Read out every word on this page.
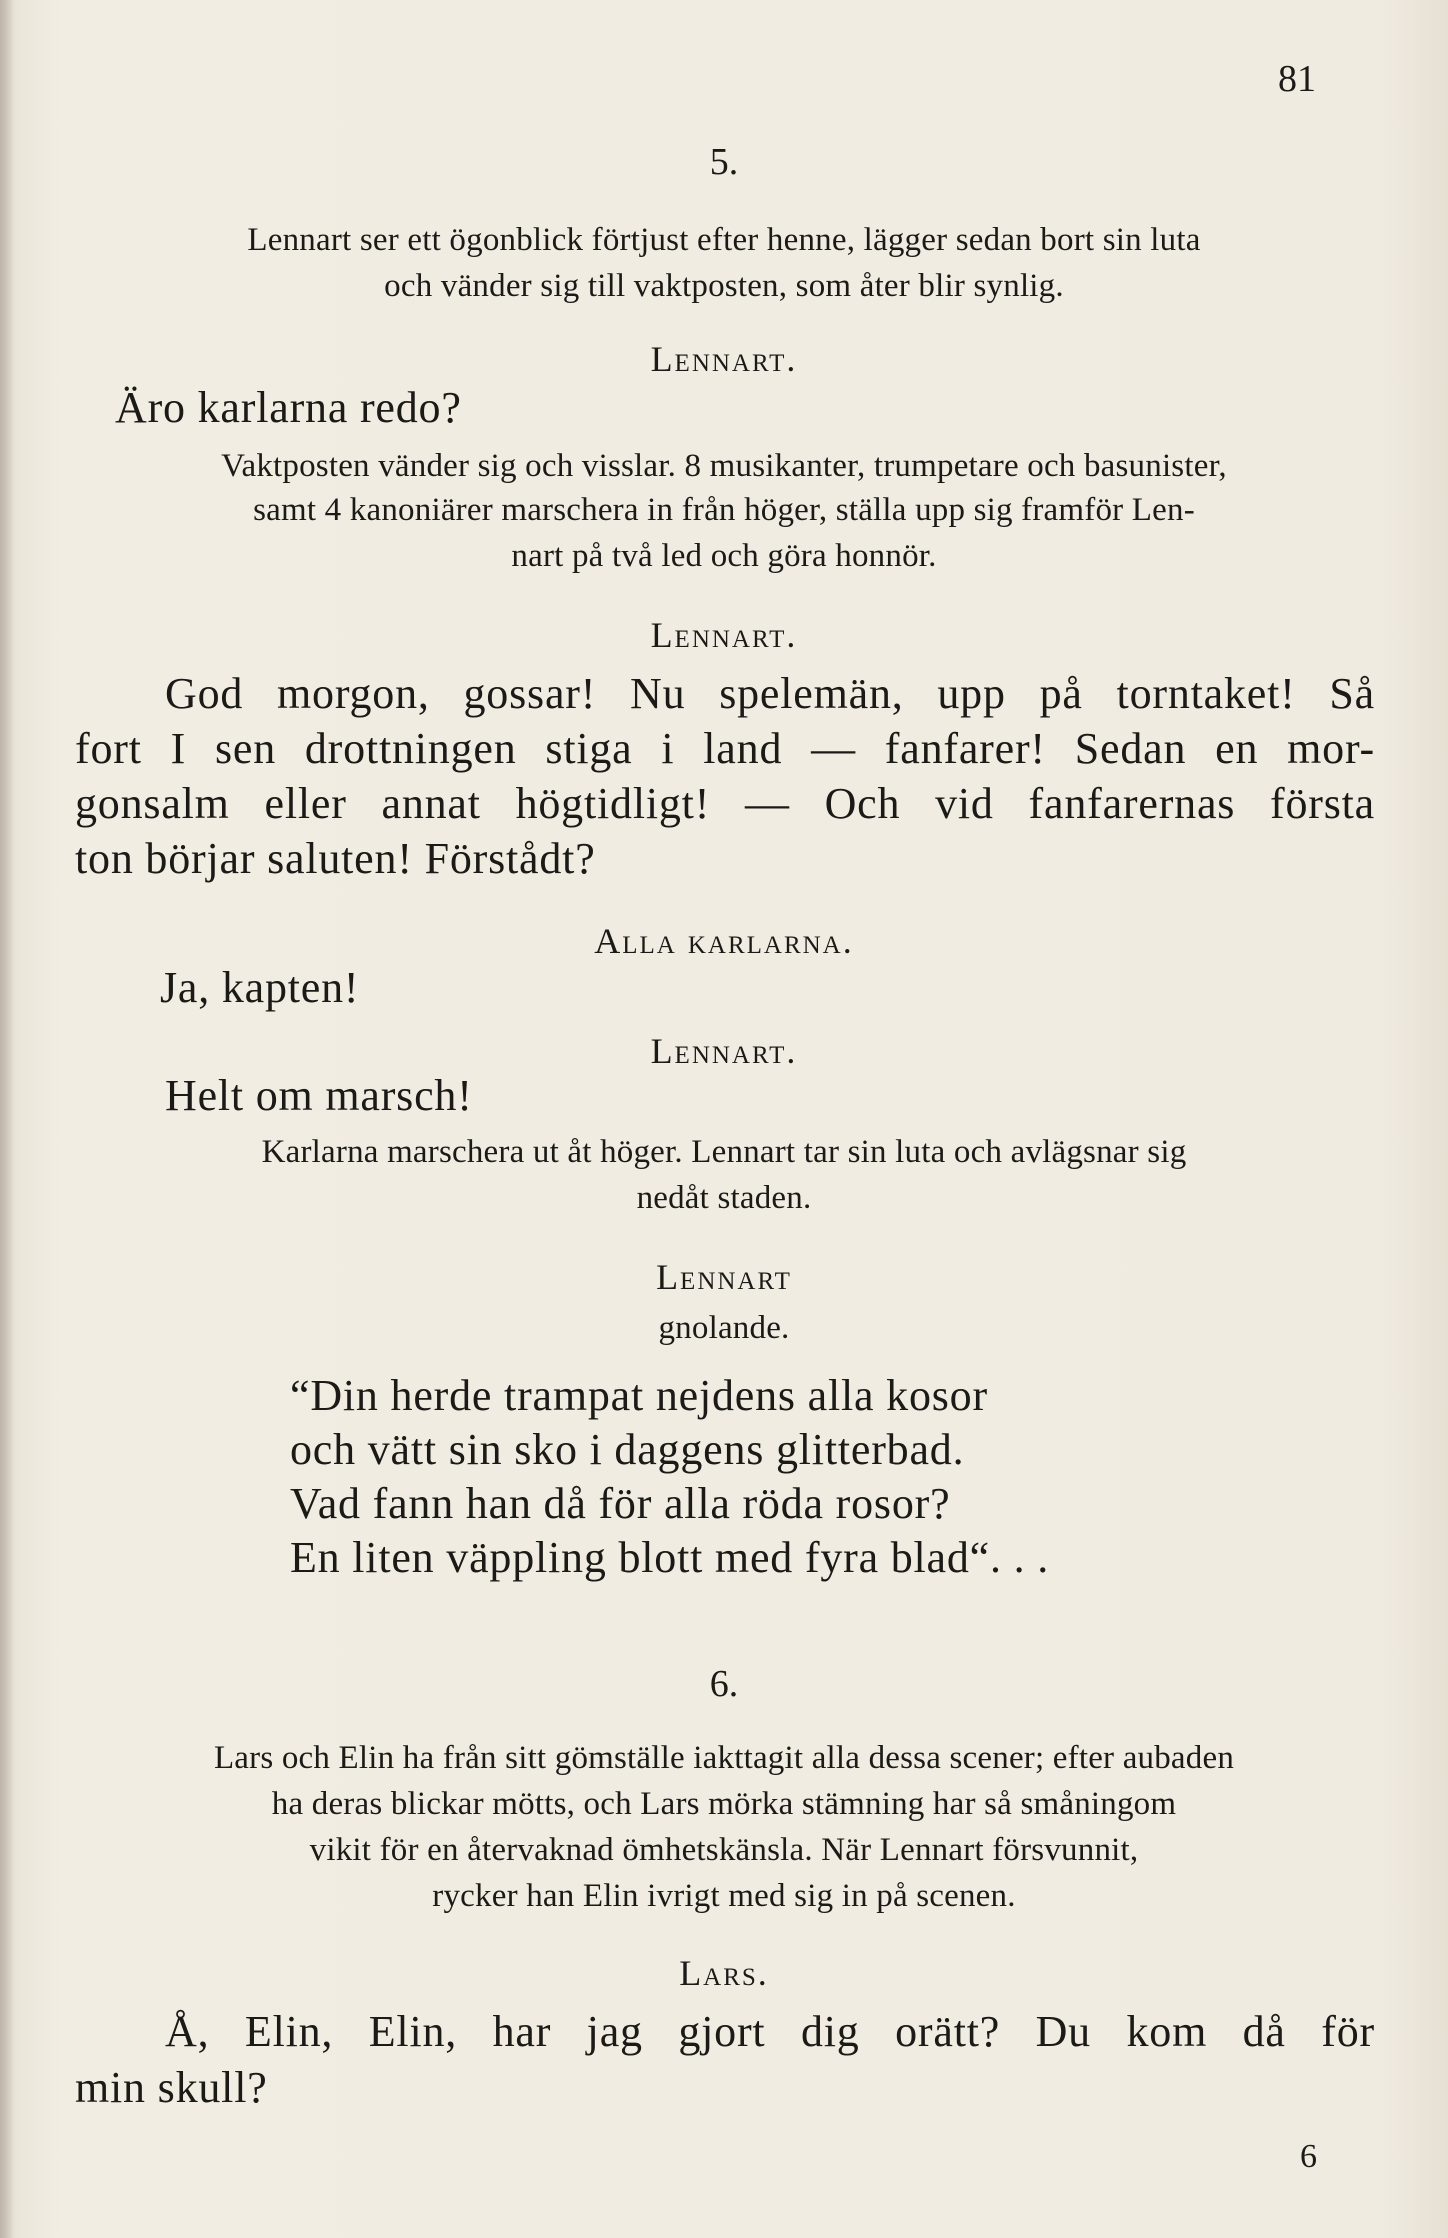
81
5.
Lennart ser ett ögonblick förtjust efter henne, lägger sedan bort sin luta
och vänder sig till vaktposten, som åter blir synlig.
Lennart.
Äro karlarna redo?
Vaktposten vänder sig och visslar. 8 musikanter, trumpetare och basunister,
samt 4 kanoniärer marschera in från höger, ställa upp sig framför Len-
nart på två led och göra honnör.
Lennart.
God morgon, gossar! Nu spelemän, upp på torntaket! Så
fort I sen drottningen stiga i land — fanfarer! Sedan en mor-
gonsalm eller annat högtidligt! — Och vid fanfarernas första
ton börjar saluten! Förstådt?
Alla karlarna.
Ja, kapten!
Lennart.
Helt om marsch!
Karlarna marschera ut åt höger. Lennart tar sin luta och avlägsnar sig
nedåt staden.
Lennart
gnolande.
“Din herde trampat nejdens alla kosor
och vätt sin sko i daggens glitterbad.
Vad fann han då för alla röda rosor?
En liten väppling blott med fyra blad“. . .
6.
Lars och Elin ha från sitt gömställe iakttagit alla dessa scener; efter aubaden
ha deras blickar mötts, och Lars mörka stämning har så småningom
vikit för en återvaknad ömhetskänsla. När Lennart försvunnit,
rycker han Elin ivrigt med sig in på scenen.
Lars.
Å, Elin, Elin, har jag gjort dig orätt? Du kom då för
min skull?
6
